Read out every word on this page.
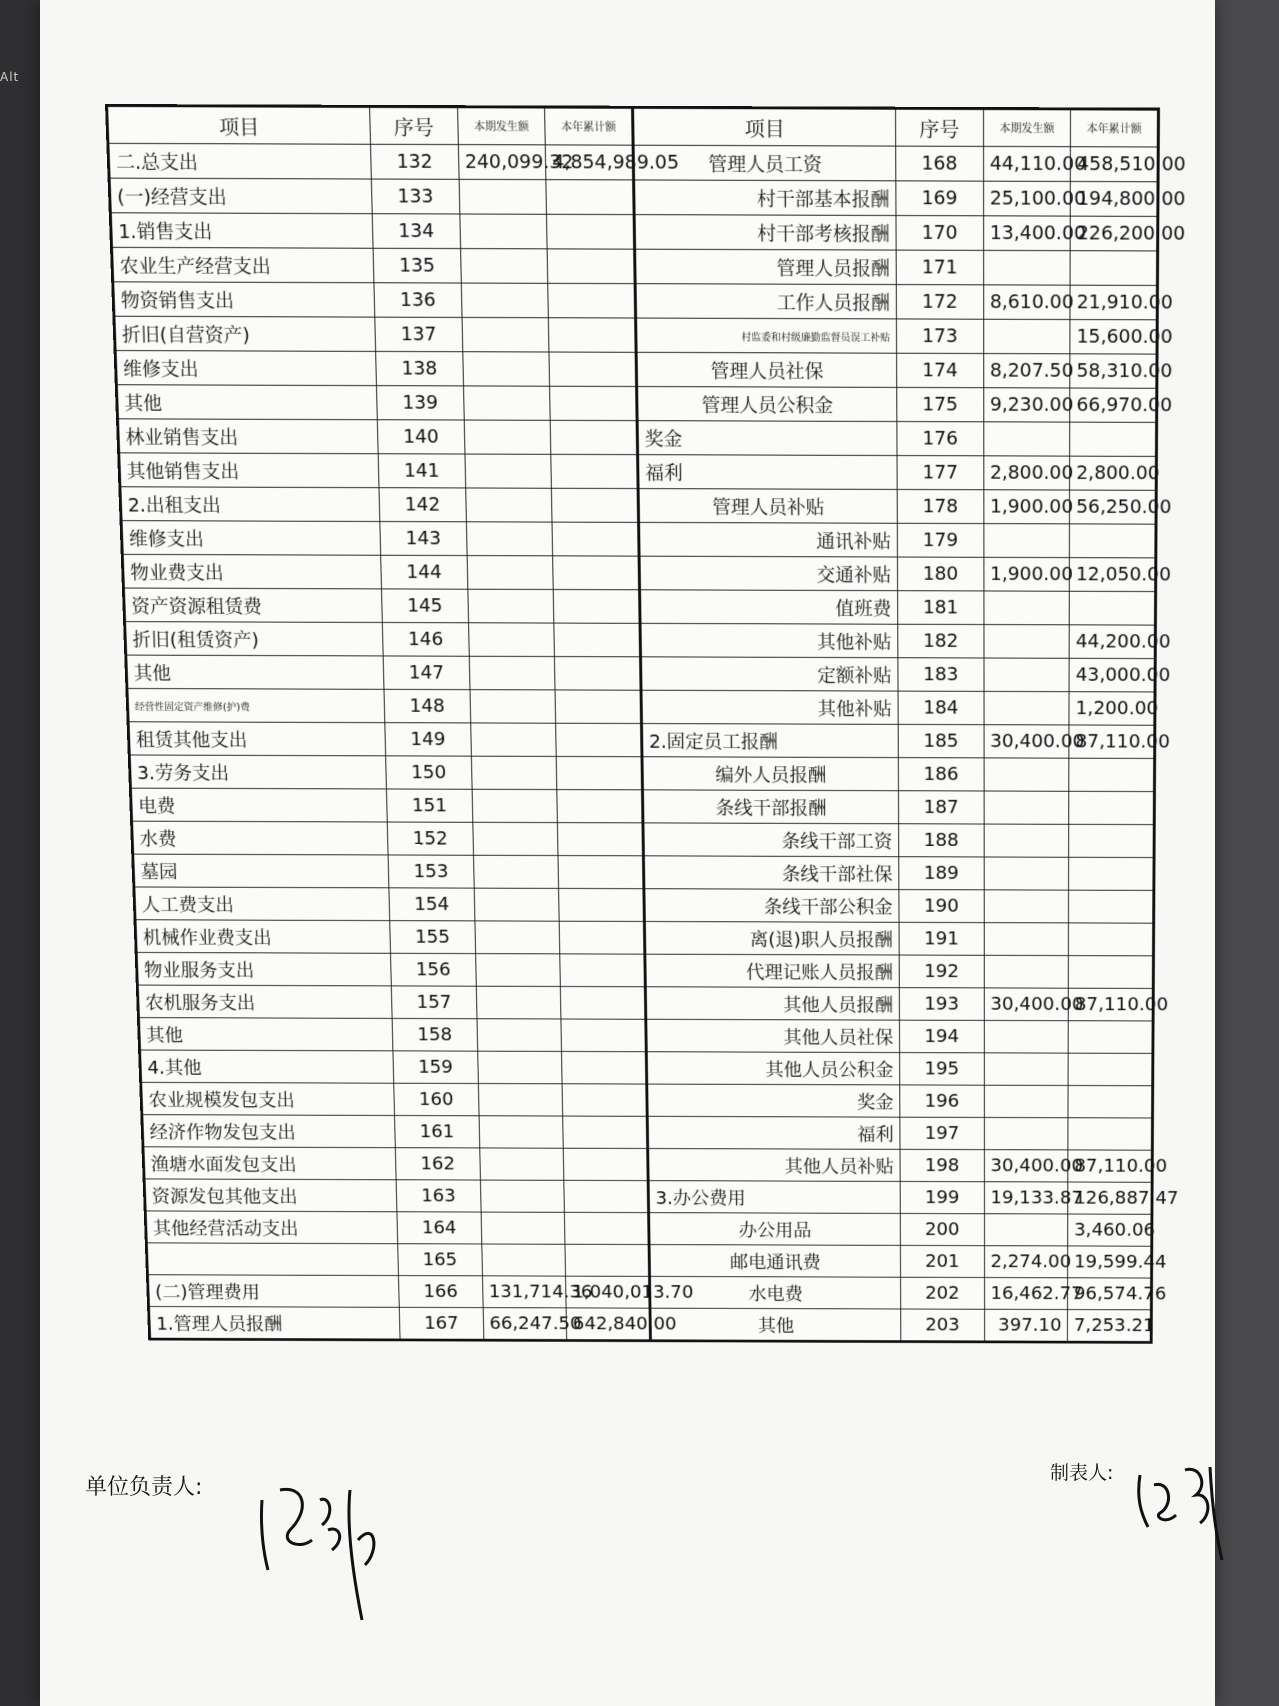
Alt
项目	序号	本期发生额	本年累计额	项目	序号	本期发生额	本年累计额
二.总支出	132	240,099.32	4,854,989.05	管理人员工资	168	44,110.00	458,510.00
(一)经营支出	133			村干部基本报酬	169	25,100.00	194,800.00
1.销售支出	134			村干部考核报酬	170	13,400.00	226,200.00
农业生产经营支出	135			管理人员报酬	171		
物资销售支出	136			工作人员报酬	172	8,610.00	21,910.00
折旧(自营资产)	137			村监委和村级廉勤监督员误工补贴	173		15,600.00
维修支出	138			管理人员社保	174	8,207.50	58,310.00
其他	139			管理人员公积金	175	9,230.00	66,970.00
林业销售支出	140			奖金	176		
其他销售支出	141			福利	177	2,800.00	2,800.00
2.出租支出	142			管理人员补贴	178	1,900.00	56,250.00
维修支出	143			通讯补贴	179		
物业费支出	144			交通补贴	180	1,900.00	12,050.00
资产资源租赁费	145			值班费	181		
折旧(租赁资产)	146			其他补贴	182		44,200.00
其他	147			定额补贴	183		43,000.00
经营性固定资产维修(护)费	148			其他补贴	184		1,200.00
租赁其他支出	149			2.固定员工报酬	185	30,400.00	87,110.00
3.劳务支出	150			编外人员报酬	186		
电费	151			条线干部报酬	187		
水费	152			条线干部工资	188		
墓园	153			条线干部社保	189		
人工费支出	154			条线干部公积金	190		
机械作业费支出	155			离(退)职人员报酬	191		
物业服务支出	156			代理记账人员报酬	192		
农机服务支出	157			其他人员报酬	193	30,400.00	87,110.00
其他	158			其他人员社保	194		
4.其他	159			其他人员公积金	195		
农业规模发包支出	160			奖金	196		
经济作物发包支出	161			福利	197		
渔塘水面发包支出	162			其他人员补贴	198	30,400.00	87,110.00
资源发包其他支出	163			3.办公费用	199	19,133.87	126,887.47
其他经营活动支出	164			办公用品	200		3,460.06
	165			邮电通讯费	201	2,274.00	19,599.44
(二)管理费用	166	131,714.36	1,040,013.70	水电费	202	16,462.77	96,574.76
1.管理人员报酬	167	66,247.50	642,840.00	其他	203	397.10	7,253.21
单位负责人:
制表人:
